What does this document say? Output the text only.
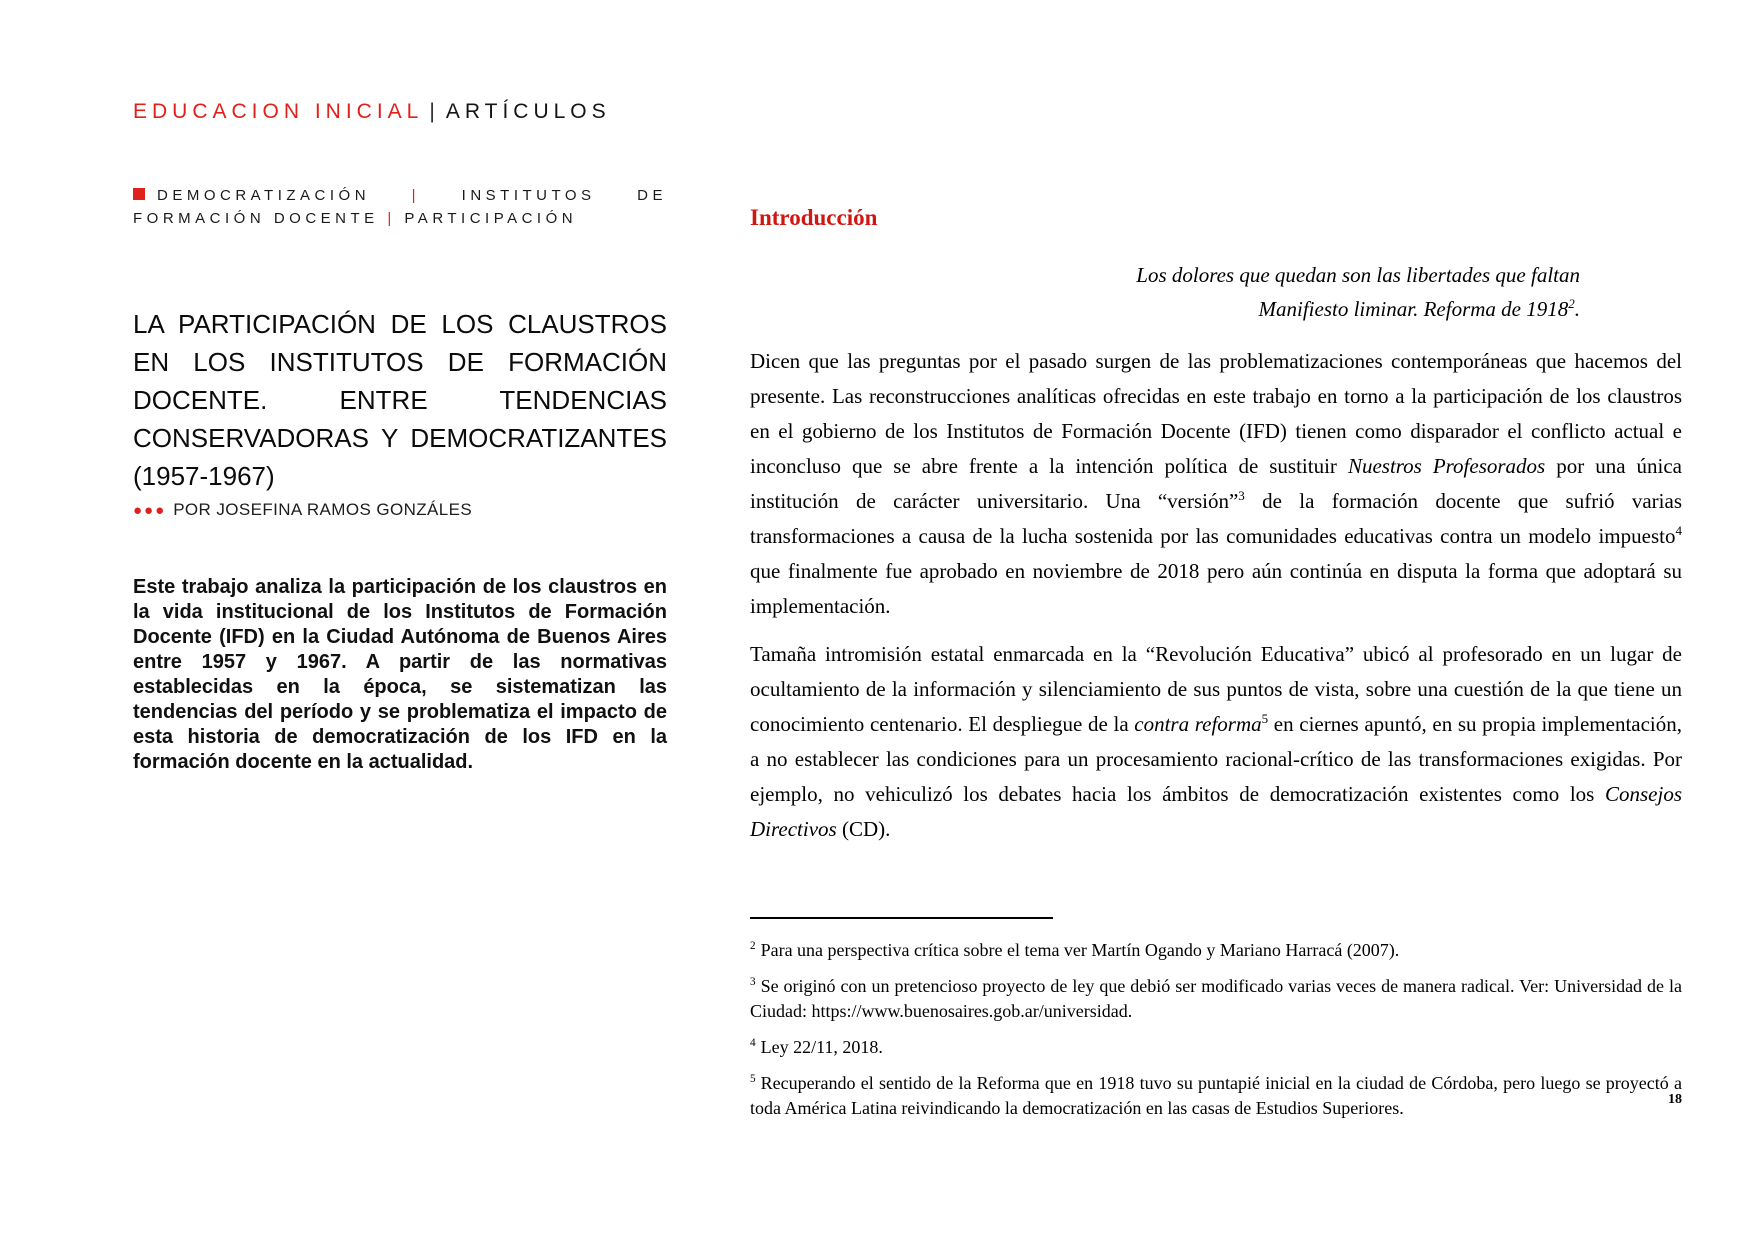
EDUCACION INICIAL | ARTÍCULOS
DEMOCRATIZACIÓN | INSTITUTOS DE FORMACIÓN DOCENTE | PARTICIPACIÓN
LA PARTICIPACIÓN DE LOS CLAUSTROS EN LOS INSTITUTOS DE FORMACIÓN DOCENTE. ENTRE TENDENCIAS CONSERVADORAS Y DEMOCRATIZANTES (1957-1967)
●●● POR JOSEFINA RAMOS GONZÁLES

Este trabajo analiza la participación de los claustros en la vida institucional de los Institutos de Formación Docente (IFD) en la Ciudad Autónoma de Buenos Aires entre 1957 y 1967. A partir de las normativas establecidas en la época, se sistematizan las tendencias del período y se problematiza el impacto de esta historia de democratización de los IFD en la formación docente en la actualidad.

Introducción
Los dolores que quedan son las libertades que faltan
Manifiesto liminar. Reforma de 1918$^2$.

Dicen que las preguntas por el pasado surgen de las problematizaciones contemporáneas que hacemos del presente. Las reconstrucciones analíticas ofrecidas en este trabajo en torno a la participación de los claustros en el gobierno de los Institutos de Formación Docente (IFD) tienen como disparador el conflicto actual e inconcluso que se abre frente a la intención política de sustituir Nuestros Profesorados por una única institución de carácter universitario. Una “versión”$^3$ de la formación docente que sufrió varias transformaciones a causa de la lucha sostenida por las comunidades educativas contra un modelo impuesto$^4$ que finalmente fue aprobado en noviembre de 2018 pero aún continúa en disputa la forma que adoptará su implementación.

Tamaña intromisión estatal enmarcada en la “Revolución Educativa” ubicó al profesorado en un lugar de ocultamiento de la información y silenciamiento de sus puntos de vista, sobre una cuestión de la que tiene un conocimiento centenario. El despliegue de la contra reforma$^5$ en ciernes apuntó, en su propia implementación, a no establecer las condiciones para un procesamiento racional-crítico de las transformaciones exigidas. Por ejemplo, no vehiculizó los debates hacia los ámbitos de democratización existentes como los Consejos Directivos (CD).

$^2$ Para una perspectiva crítica sobre el tema ver Martín Ogando y Mariano Harracá (2007).

$^3$ Se originó con un pretencioso proyecto de ley que debió ser modificado varias veces de manera radical. Ver: Universidad de la Ciudad: https://www.buenosaires.gob.ar/universidad.

$^4$ Ley 22/11, 2018.

$^5$ Recuperando el sentido de la Reforma que en 1918 tuvo su puntapié inicial en la ciudad de Córdoba, pero luego se proyectó a toda América Latina reivindicando la democratización en las casas de Estudios Superiores.	18
